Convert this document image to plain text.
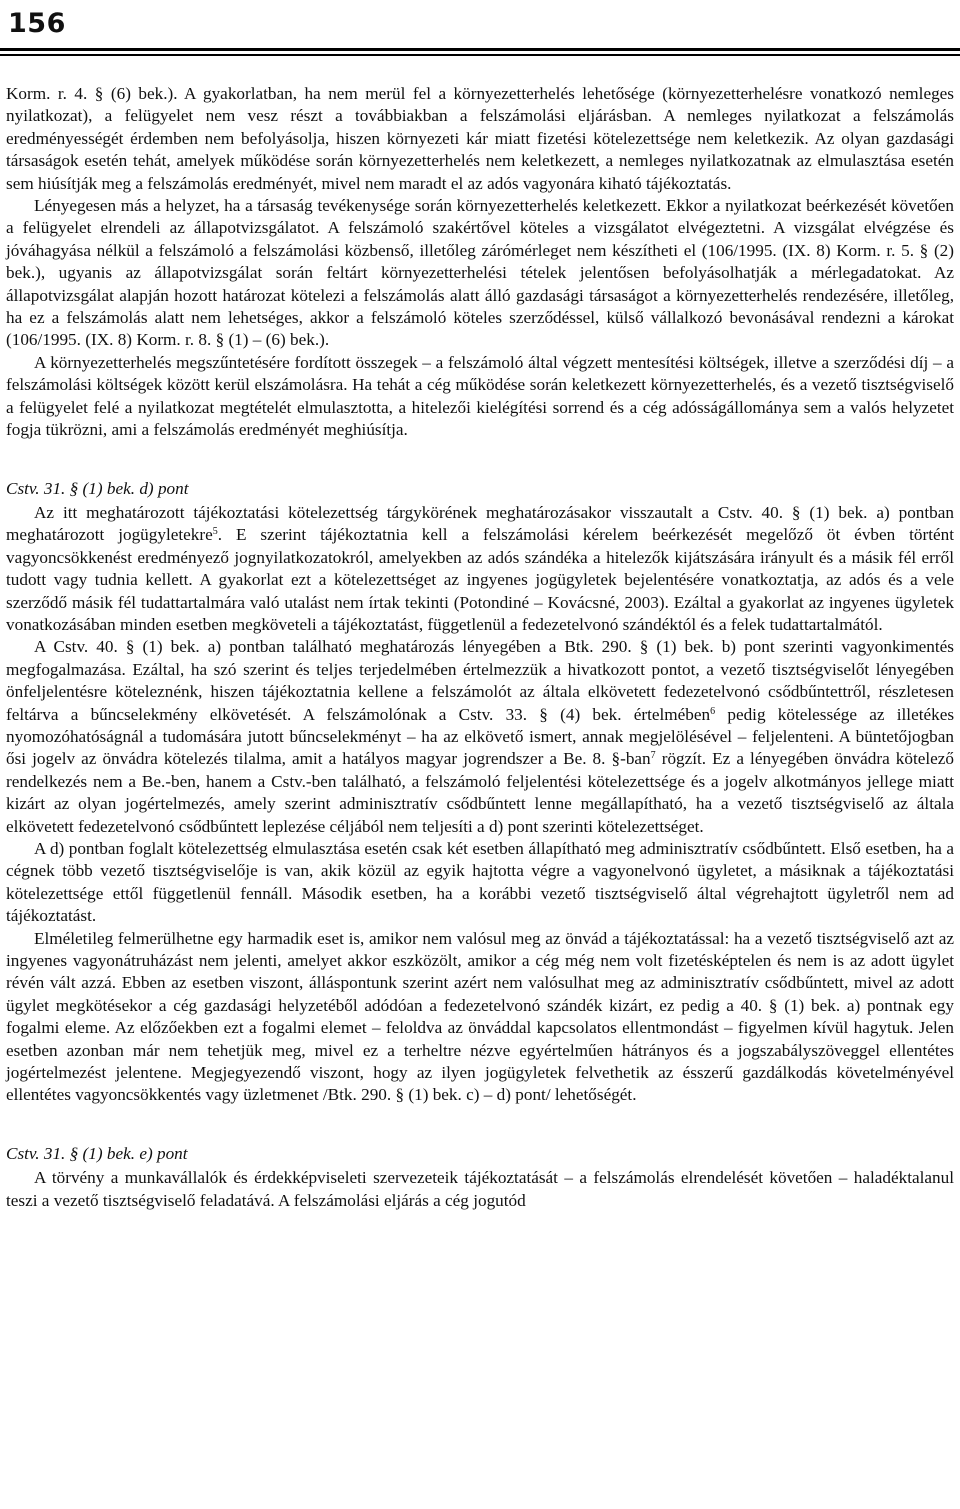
156

Korm. r. 4. § (6) bek.). A gyakorlatban, ha nem merül fel a környezetterhelés lehetősége (környezetterhelésre vonatkozó nemleges nyilatkozat), a felügyelet nem vesz részt a továbbiakban a felszámolási eljárásban. A nemleges nyilatkozat a felszámolás eredményességét érdemben nem befolyásolja, hiszen környezeti kár miatt fizetési kötelezettsége nem keletkezik. Az olyan gazdasági társaságok esetén tehát, amelyek működése során környezetterhelés nem keletkezett, a nemleges nyilatkozatnak az elmulasztása esetén sem hiúsítják meg a felszámolás eredményét, mivel nem maradt el az adós vagyonára kiható tájékoztatás.

Lényegesen más a helyzet, ha a társaság tevékenysége során környezetterhelés keletkezett. Ekkor a nyilatkozat beérkezését követően a felügyelet elrendeli az állapotvizsgálatot. A felszámoló szakértővel köteles a vizsgálatot elvégeztetni. A vizsgálat elvégzése és jóváhagyása nélkül a felszámoló a felszámolási közbenső, illetőleg zárómérleget nem készítheti el (106/1995. (IX. 8) Korm. r. 5. § (2) bek.), ugyanis az állapotvizsgálat során feltárt környezetterhelési tételek jelentősen befolyásolhatják a mérlegadatokat. Az állapotvizsgálat alapján hozott határozat kötelezi a felszámolás alatt álló gazdasági társaságot a környezetterhelés rendezésére, illetőleg, ha ez a felszámolás alatt nem lehetséges, akkor a felszámoló köteles szerződéssel, külső vállalkozó bevonásával rendezni a károkat (106/1995. (IX. 8) Korm. r. 8. § (1) – (6) bek.).

A környezetterhelés megszűntetésére fordított összegek – a felszámoló által végzett mentesítési költségek, illetve a szerződési díj – a felszámolási költségek között kerül elszámolásra. Ha tehát a cég működése során keletkezett környezetterhelés, és a vezető tisztségviselő a felügyelet felé a nyilatkozat megtételét elmulasztotta, a hitelezői kielégítési sorrend és a cég adósságállománya sem a valós helyzetet fogja tükrözni, ami a felszámolás eredményét meghiúsítja.

Cstv. 31. § (1) bek. d) pont

Az itt meghatározott tájékoztatási kötelezettség tárgykörének meghatározásakor visszautalt a Cstv. 40. § (1) bek. a) pontban meghatározott jogügyletekre$^5$. E szerint tájékoztatnia kell a felszámolási kérelem beérkezését megelőző öt évben történt vagyoncsökkenést eredményező jognyilatkozatokról, amelyekben az adós szándéka a hitelezők kijátszására irányult és a másik fél erről tudott vagy tudnia kellett. A gyakorlat ezt a kötelezettséget az ingyenes jogügyletek bejelentésére vonatkoztatja, az adós és a vele szerződő másik fél tudattartalmára való utalást nem írtak tekinti (Potondiné – Kovácsné, 2003). Ezáltal a gyakorlat az ingyenes ügyletek vonatkozásában minden esetben megköveteli a tájékoztatást, függetlenül a fedezetelvonó szándéktól és a felek tudattartalmától.

A Cstv. 40. § (1) bek. a) pontban található meghatározás lényegében a Btk. 290. § (1) bek. b) pont szerinti vagyonkimentés megfogalmazása. Ezáltal, ha szó szerint és teljes terjedelmében értelmezzük a hivatkozott pontot, a vezető tisztségviselőt lényegében önfeljelentésre köteleznénk, hiszen tájékoztatnia kellene a felszámolót az általa elkövetett fedezetelvonó csődbűntettről, részletesen feltárva a bűncselekmény elkövetését. A felszámolónak a Cstv. 33. § (4) bek. értelmében$^6$ pedig kötelessége az illetékes nyomozóhatóságnál a tudomására jutott bűncselekményt – ha az elkövető ismert, annak megjelölésével – feljelenteni. A büntetőjogban ősi jogelv az önvádra kötelezés tilalma, amit a hatályos magyar jogrendszer a Be. 8. §-ban$^7$ rögzít. Ez a lényegében önvádra kötelező rendelkezés nem a Be.-ben, hanem a Cstv.-ben található, a felszámoló feljelentési kötelezettsége és a jogelv alkotmányos jellege miatt kizárt az olyan jogértelmezés, amely szerint adminisztratív csődbűntett lenne megállapítható, ha a vezető tisztségviselő az általa elkövetett fedezetelvonó csődbűntett leplezése céljából nem teljesíti a d) pont szerinti kötelezettséget.

A d) pontban foglalt kötelezettség elmulasztása esetén csak két esetben állapítható meg adminisztratív csődbűntett. Első esetben, ha a cégnek több vezető tisztségviselője is van, akik közül az egyik hajtotta végre a vagyonelvonó ügyletet, a másiknak a tájékoztatási kötelezettsége ettől függetlenül fennáll. Második esetben, ha a korábbi vezető tisztségviselő által végrehajtott ügyletről nem ad tájékoztatást.

Elméletileg felmerülhetne egy harmadik eset is, amikor nem valósul meg az önvád a tájékoztatással: ha a vezető tisztségviselő azt az ingyenes vagyonátruházást nem jelenti, amelyet akkor eszközölt, amikor a cég még nem volt fizetésképtelen és nem is az adott ügylet révén vált azzá. Ebben az esetben viszont, álláspontunk szerint azért nem valósulhat meg az adminisztratív csődbűntett, mivel az adott ügylet megkötésekor a cég gazdasági helyzetéből adódóan a fedezetelvonó szándék kizárt, ez pedig a 40. § (1) bek. a) pontnak egy fogalmi eleme. Az előzőekben ezt a fogalmi elemet – feloldva az önváddal kapcsolatos ellentmondást – figyelmen kívül hagytuk. Jelen esetben azonban már nem tehetjük meg, mivel ez a terheltre nézve egyértelműen hátrányos és a jogszabályszöveggel ellentétes jogértelmezést jelentene. Megjegyezendő viszont, hogy az ilyen jogügyletek felvethetik az ésszerű gazdálkodás követelményével ellentétes vagyoncsökkentés vagy üzletmenet /Btk. 290. § (1) bek. c) – d) pont/ lehetőségét.

Cstv. 31. § (1) bek. e) pont

A törvény a munkavállalók és érdekképviseleti szervezeteik tájékoztatását – a felszámolás elrendelését követően – haladéktalanul teszi a vezető tisztségviselő feladatává. A felszámolási eljárás a cég jogutód
